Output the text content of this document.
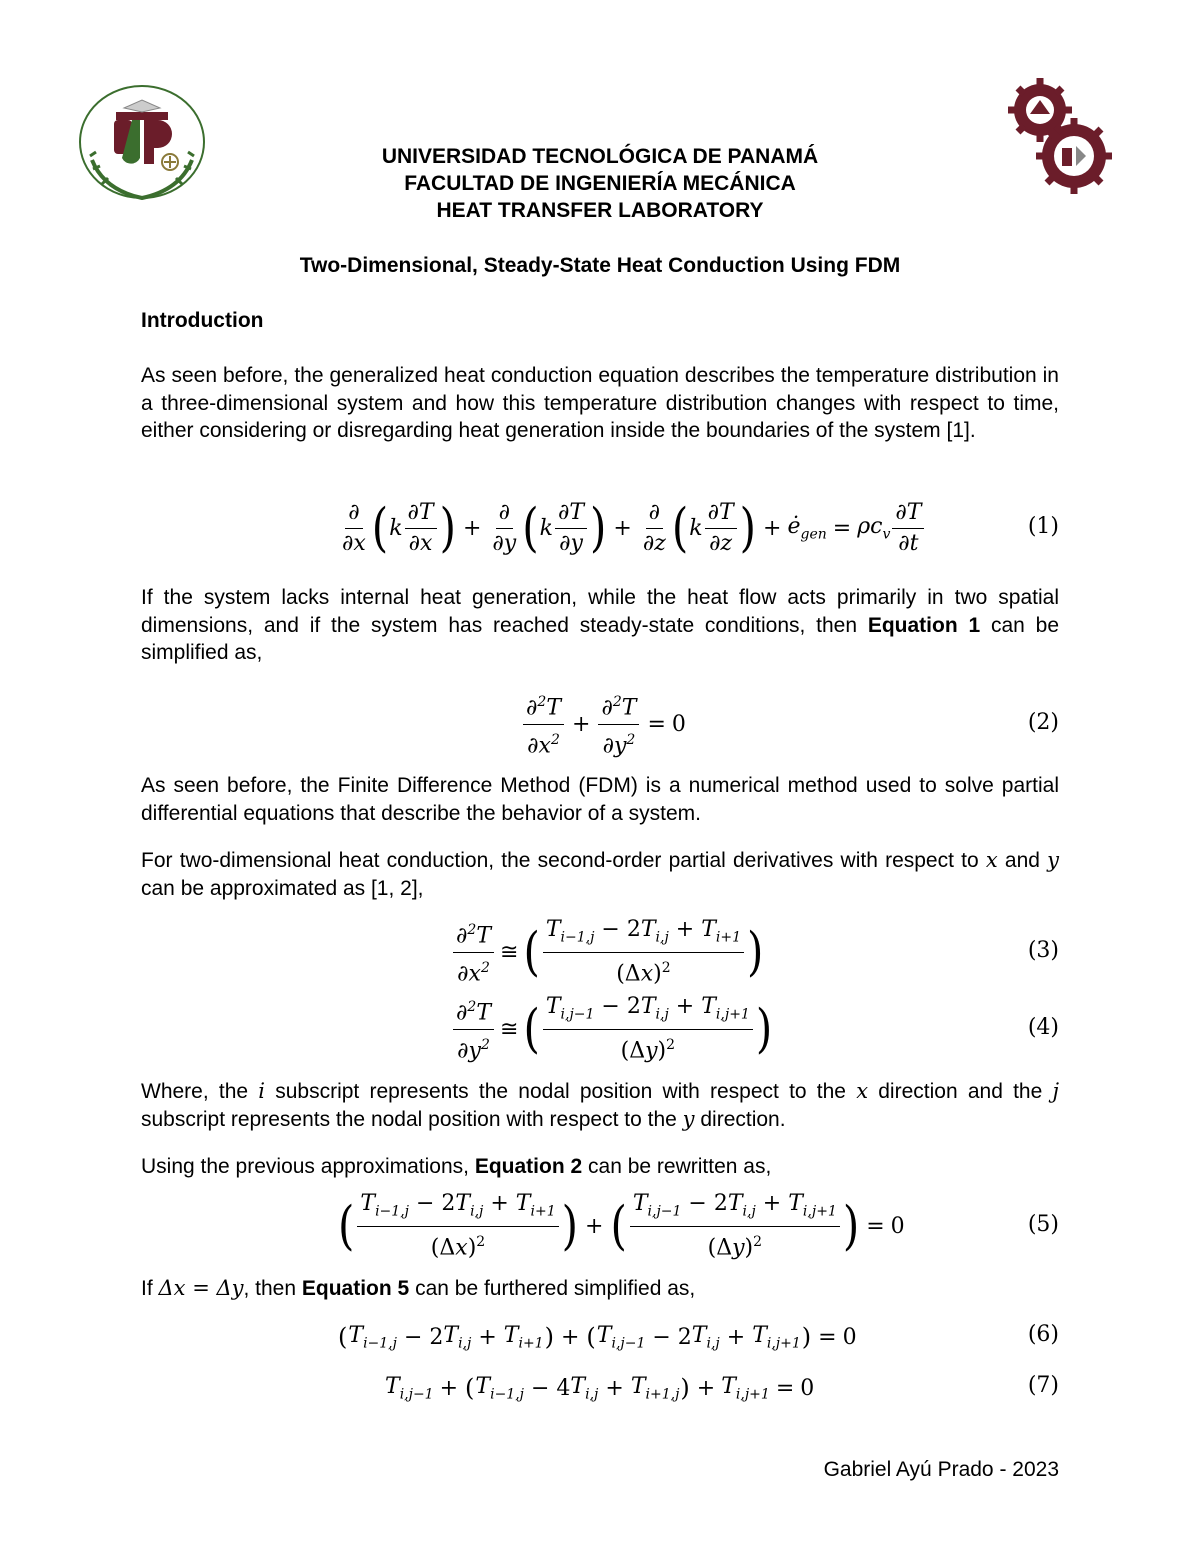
UNIVERSIDAD TECNOLÓGICA DE PANAMÁ
FACULTAD DE INGENIERÍA MECÁNICA
HEAT TRANSFER LABORATORY
Two-Dimensional, Steady-State Heat Conduction Using FDM
Introduction
As seen before, the generalized heat conduction equation describes the temperature distribution in a three-dimensional system and how this temperature distribution changes with respect to time, either considering or disregarding heat generation inside the boundaries of the system [1].
$\frac{\partial}{\partial x}$ ( k $\frac{\partial T}{\partial x}$ ) + $\frac{\partial}{\partial y}$ ( k $\frac{\partial T}{\partial y}$ ) + $\frac{\partial}{\partial z}$ ( k $\frac{\partial T}{\partial z}$ ) + $ė_{gen} = \rho c_v \frac{\partial T}{\partial t}$	(1)
If the system lacks internal heat generation, while the heat flow acts primarily in two spatial dimensions, and if the system has reached steady-state conditions, then Equation 1 can be simplified as,
$\frac{\partial^2T}{\partial x^2} + \frac{\partial^2T}{\partial y^2} = 0$	(2)
As seen before, the Finite Difference Method (FDM) is a numerical method used to solve partial differential equations that describe the behavior of a system.
For two-dimensional heat conduction, the second-order partial derivatives with respect to x and y can be approximated as [1, 2],
$\frac{\partial^2T}{\partial x^2}$ ≅ ( $\frac{T_{i-1,j} - 2T_{i,j} + T_{i+1}}{(\Delta x)^2}$ )	(3)
$\frac{\partial^2T}{\partial y^2}$ ≅ ( $\frac{T_{i,j-1} - 2T_{i,j} + T_{i,j+1}}{(\Delta y)^2}$ )	(4)
Where, the i subscript represents the nodal position with respect to the x direction and the j subscript represents the nodal position with respect to the y direction.
Using the previous approximations, Equation 2 can be rewritten as,
( $\frac{T_{i-1,j} - 2T_{i,j} + T_{i+1}}{(\Delta x)^2}$ ) + ( $\frac{T_{i,j-1} - 2T_{i,j} + T_{i,j+1}}{(\Delta y)^2}$ ) = 0	(5)
If Δx = Δy, then Equation 5 can be furthered simplified as,
( $T_{i-1,j} - 2$ $T_{i,j} + T_{i+1}$ ) + ( $T_{i,j-1} - 2$ $T_{i,j} + T_{i,j+1}$ ) = 0	(6)
$T_{i,j-1}$ + ( $T_{i-1,j} - 4$ $T_{i,j} + T_{i+1,j}$ ) + $T_{i,j+1} = 0$	(7)
Gabriel Ayú Prado - 2023
